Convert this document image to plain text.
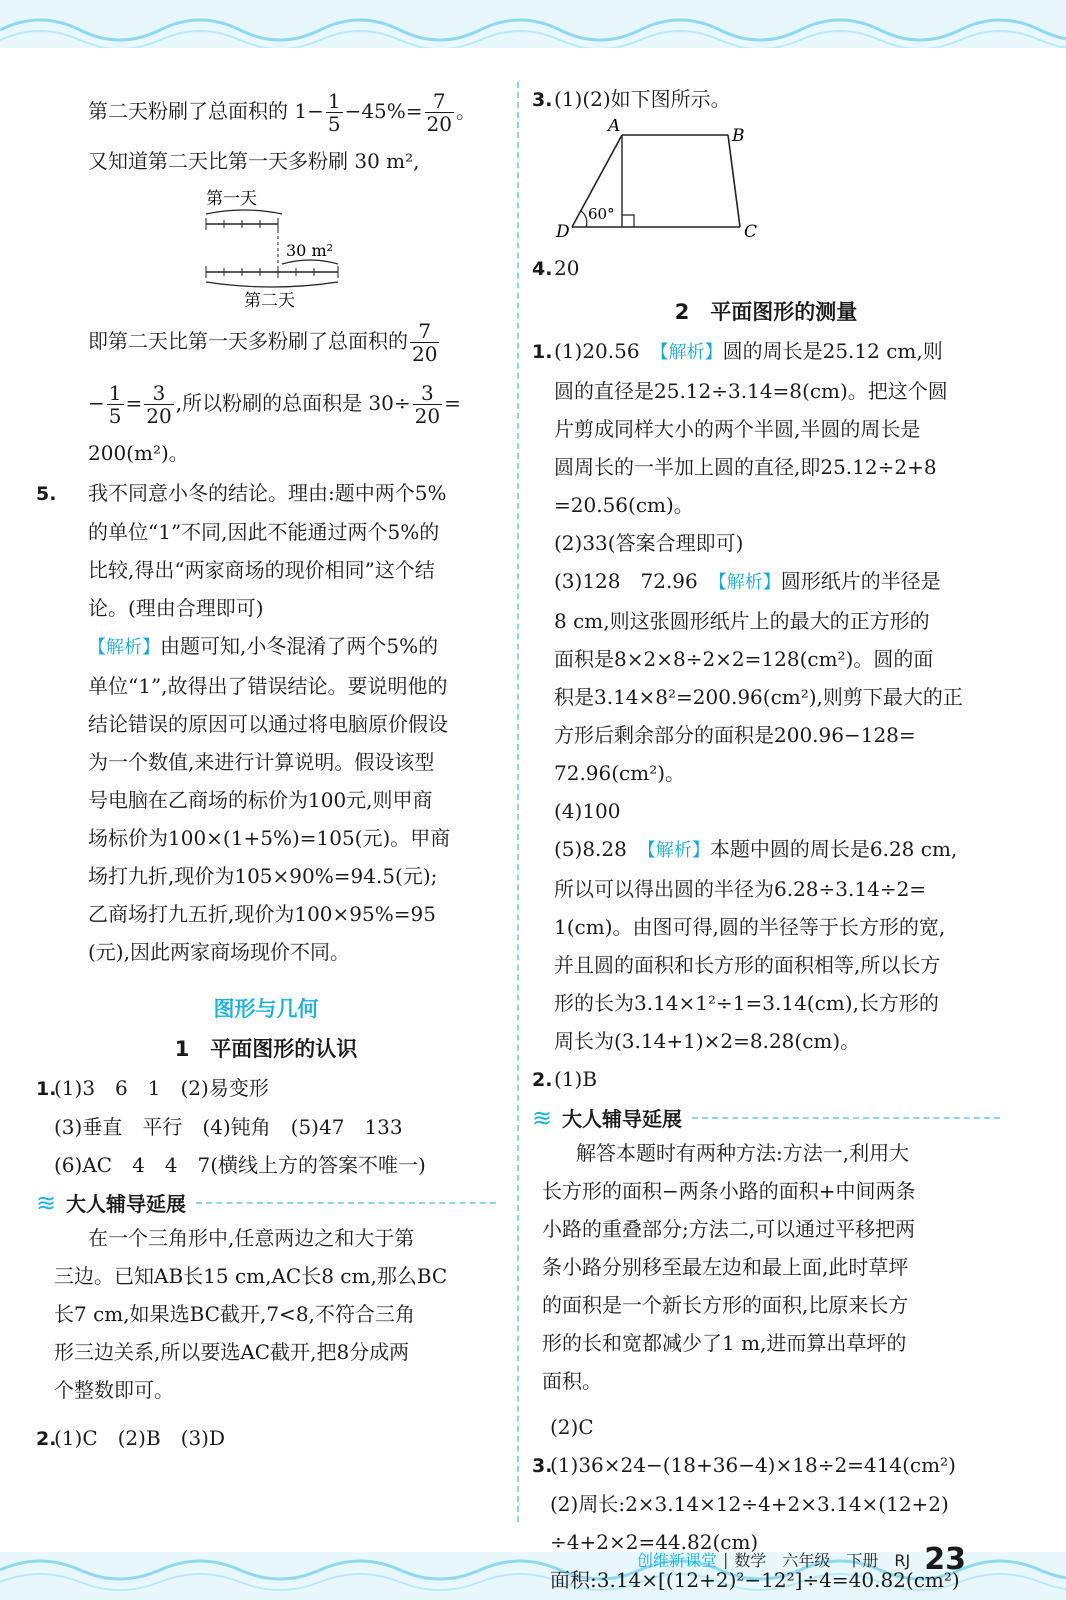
第二天粉刷了总面积的 $1- \frac{1}{5} -45\%= \frac{7}{20}$ 。

又知道第二天比第一天多粉刷 30 m²,

第一天
30 m²
第二天

即第二天比第一天多粉刷了总面积的 $\frac{7}{20}$

− $\frac{1}{5} = \frac{3}{20}$ ,所以粉刷的总面积是 $30\div \frac{3}{20}$ =

200(m²)。

5. 我不同意小冬的结论。理由:题中两个5%

的单位“1”不同,因此不能通过两个5%的

比较,得出“两家商场的现价相同”这个结

论。(理由合理即可)

【解析】由题可知,小冬混淆了两个5%的

单位“1”,故得出了错误结论。要说明他的

结论错误的原因可以通过将电脑原价假设

为一个数值,来进行计算说明。假设该型

号电脑在乙商场的标价为100元,则甲商

场标价为100×(1+5%)=105(元)。甲商

场打九折,现价为105×90%=94.5(元);

乙商场打九五折,现价为100×95%=95

(元),因此两家商场现价不同。

图形与几何

1　平面图形的认识

1.(1)3　6　1　(2)易变形

(3)垂直　平行　(4)钝角　(5)47　133

(6)AC　4　4　7(横线上方的答案不唯一)

≋ 大人辅导延展

在一个三角形中,任意两边之和大于第

三边。已知AB长15 cm,AC长8 cm,那么BC

长7 cm,如果选BC截开,7<8,不符合三角

形三边关系,所以要选AC截开,把8分成两

个整数即可。

2.(1)C　(2)B　(3)D

3.(1)(2)如下图所示。

A	B
C
D
60°

4.20

2　平面图形的测量

1.(1)20.56　【解析】圆的周长是25.12 cm,则

圆的直径是25.12÷3.14=8(cm)。把这个圆

片剪成同样大小的两个半圆,半圆的周长是

圆周长的一半加上圆的直径,即25.12÷2+8

=20.56(cm)。

(2)33(答案合理即可)

(3)128　72.96　【解析】圆形纸片的半径是

8 cm,则这张圆形纸片上的最大的正方形的

面积是8×2×8÷2×2=128(cm²)。圆的面

积是3.14×8²=200.96(cm²),则剪下最大的正

方形后剩余部分的面积是200.96−128=

72.96(cm²)。

(4)100

(5)8.28　【解析】本题中圆的周长是6.28 cm,

所以可以得出圆的半径为6.28÷3.14÷2=

1(cm)。由图可得,圆的半径等于长方形的宽,

并且圆的面积和长方形的面积相等,所以长方

形的长为3.14×1²÷1=3.14(cm),长方形的

周长为(3.14+1)×2=8.28(cm)。

2.(1)B

≋ 大人辅导延展

解答本题时有两种方法:方法一,利用大

长方形的面积−两条小路的面积+中间两条

小路的重叠部分;方法二,可以通过平移把两

条小路分别移至最左边和最上面,此时草坪

的面积是一个新长方形的面积,比原来长方

形的长和宽都减少了1 m,进而算出草坪的

面积。

(2)C

3.(1)36×24−(18+36−4)×18÷2=414(cm²)

(2)周长:2×3.14×12÷4+2×3.14×(12+2)

÷4+2×2=44.82(cm)

面积:3.14×[(12+2)²−12²]÷4=40.82(cm²)

创维新课堂 | 数学　六年级　下册　RJ 23
